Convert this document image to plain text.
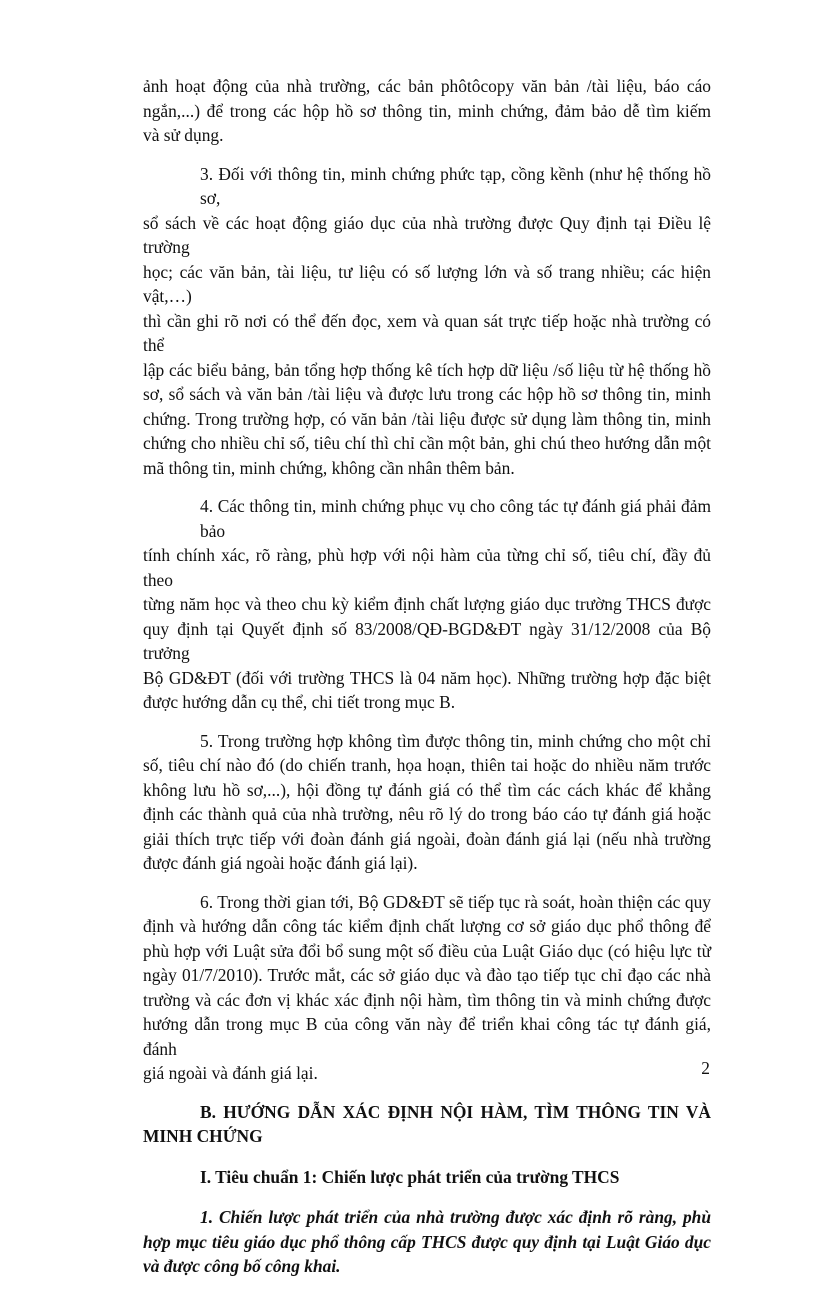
ảnh hoạt động của nhà trường, các bản phôtôcopy văn bản /tài liệu, báo cáo
ngắn,...) để trong các hộp hồ sơ thông tin, minh chứng, đảm bảo dễ tìm kiếm
và sử dụng.

3. Đối với thông tin, minh chứng phức tạp, cồng kềnh (như hệ thống hồ sơ,
sổ sách về các hoạt động giáo dục của nhà trường được Quy định tại Điều lệ trường
học; các văn bản, tài liệu, tư liệu có số lượng lớn và số trang nhiều; các hiện vật,…)
thì cần ghi rõ nơi có thể đến đọc, xem và quan sát trực tiếp hoặc nhà trường có thể
lập các biểu bảng, bản tổng hợp thống kê tích hợp dữ liệu /số liệu từ hệ thống hồ
sơ, sổ sách và văn bản /tài liệu và được lưu trong các hộp hồ sơ thông tin, minh
chứng. Trong trường hợp, có văn bản /tài liệu được sử dụng làm thông tin, minh
chứng cho nhiều chỉ số, tiêu chí thì chỉ cần một bản, ghi chú theo hướng dẫn một
mã thông tin, minh chứng, không cần nhân thêm bản.

4. Các thông tin, minh chứng phục vụ cho công tác tự đánh giá phải đảm bảo
tính chính xác, rõ ràng, phù hợp với nội hàm của từng chỉ số, tiêu chí, đầy đủ theo
từng năm học và theo chu kỳ kiểm định chất lượng giáo dục trường THCS được
quy định tại Quyết định số 83/2008/QĐ-BGD&ĐT ngày 31/12/2008 của Bộ trưởng
Bộ GD&ĐT (đối với trường THCS là 04 năm học). Những trường hợp đặc biệt
được hướng dẫn cụ thể, chi tiết trong mục B.

5. Trong trường hợp không tìm được thông tin, minh chứng cho một chỉ
số, tiêu chí nào đó (do chiến tranh, họa hoạn, thiên tai hoặc do nhiều năm trước
không lưu hồ sơ,...), hội đồng tự đánh giá có thể tìm các cách khác để khẳng
định các thành quả của nhà trường, nêu rõ lý do trong báo cáo tự đánh giá hoặc
giải thích trực tiếp với đoàn đánh giá ngoài, đoàn đánh giá lại (nếu nhà trường
được đánh giá ngoài hoặc đánh giá lại).

6. Trong thời gian tới, Bộ GD&ĐT sẽ tiếp tục rà soát, hoàn thiện các quy
định và hướng dẫn công tác kiểm định chất lượng cơ sở giáo dục phổ thông để
phù hợp với Luật sửa đổi bổ sung một số điều của Luật Giáo dục (có hiệu lực từ
ngày 01/7/2010). Trước mắt, các sở giáo dục và đào tạo tiếp tục chỉ đạo các nhà
trường và các đơn vị khác xác định nội hàm, tìm thông tin và minh chứng được
hướng dẫn trong mục B của công văn này để triển khai công tác tự đánh giá, đánh
giá ngoài và đánh giá lại.

B. HƯỚNG DẪN XÁC ĐỊNH NỘI HÀM, TÌM THÔNG TIN VÀ
MINH CHỨNG

I. Tiêu chuẩn 1: Chiến lược phát triển của trường THCS

1. Chiến lược phát triển của nhà trường được xác định rõ ràng, phù
hợp mục tiêu giáo dục phổ thông cấp THCS được quy định tại Luật Giáo dục
và được công bố công khai.

2
